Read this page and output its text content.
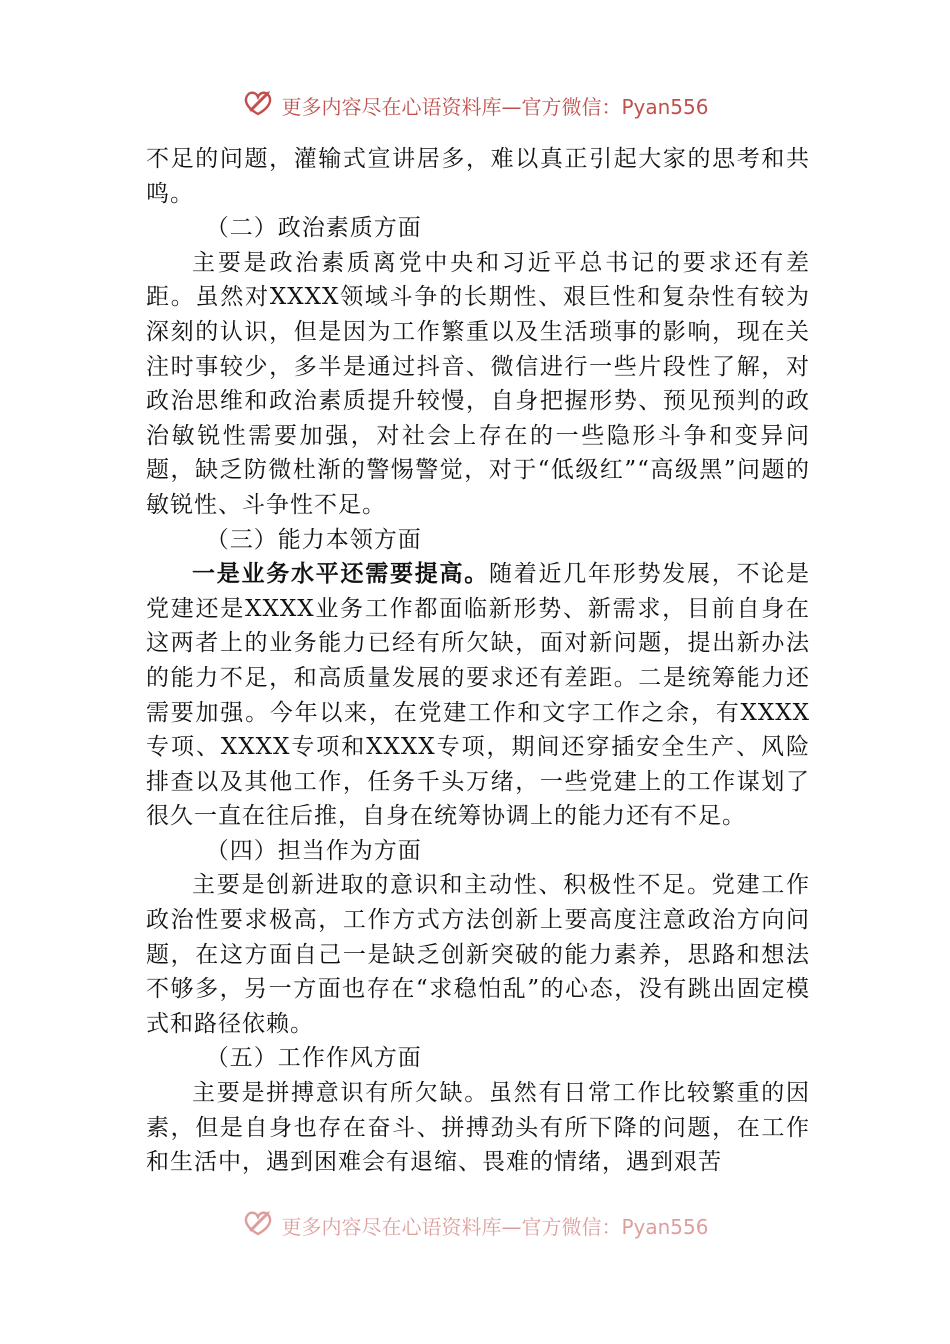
更多内容尽在心语资料库—官方微信：Pyan556

不足的问题，灌输式宣讲居多，难以真正引起大家的思考和共鸣。

（二）政治素质方面

主要是政治素质离党中央和习近平总书记的要求还有差距。虽然对XXXX领域斗争的长期性、艰巨性和复杂性有较为深刻的认识，但是因为工作繁重以及生活琐事的影响，现在关注时事较少，多半是通过抖音、微信进行一些片段性了解，对政治思维和政治素质提升较慢，自身把握形势、预见预判的政治敏锐性需要加强，对社会上存在的一些隐形斗争和变异问题，缺乏防微杜渐的警惕警觉，对于“低级红”“高级黑”问题的敏锐性、斗争性不足。

（三）能力本领方面

一是业务水平还需要提高。随着近几年形势发展，不论是党建还是XXXX业务工作都面临新形势、新需求，目前自身在这两者上的业务能力已经有所欠缺，面对新问题，提出新办法的能力不足，和高质量发展的要求还有差距。二是统筹能力还需要加强。今年以来，在党建工作和文字工作之余，有XXXX专项、XXXX专项和XXXX专项，期间还穿插安全生产、风险排查以及其他工作，任务千头万绪，一些党建上的工作谋划了很久一直在往后推，自身在统筹协调上的能力还有不足。

（四）担当作为方面

主要是创新进取的意识和主动性、积极性不足。党建工作政治性要求极高，工作方式方法创新上要高度注意政治方向问题，在这方面自己一是缺乏创新突破的能力素养，思路和想法不够多，另一方面也存在“求稳怕乱”的心态，没有跳出固定模式和路径依赖。

（五）工作作风方面

主要是拼搏意识有所欠缺。虽然有日常工作比较繁重的因素，但是自身也存在奋斗、拼搏劲头有所下降的问题，在工作和生活中，遇到困难会有退缩、畏难的情绪，遇到艰苦

更多内容尽在心语资料库—官方微信：Pyan556
